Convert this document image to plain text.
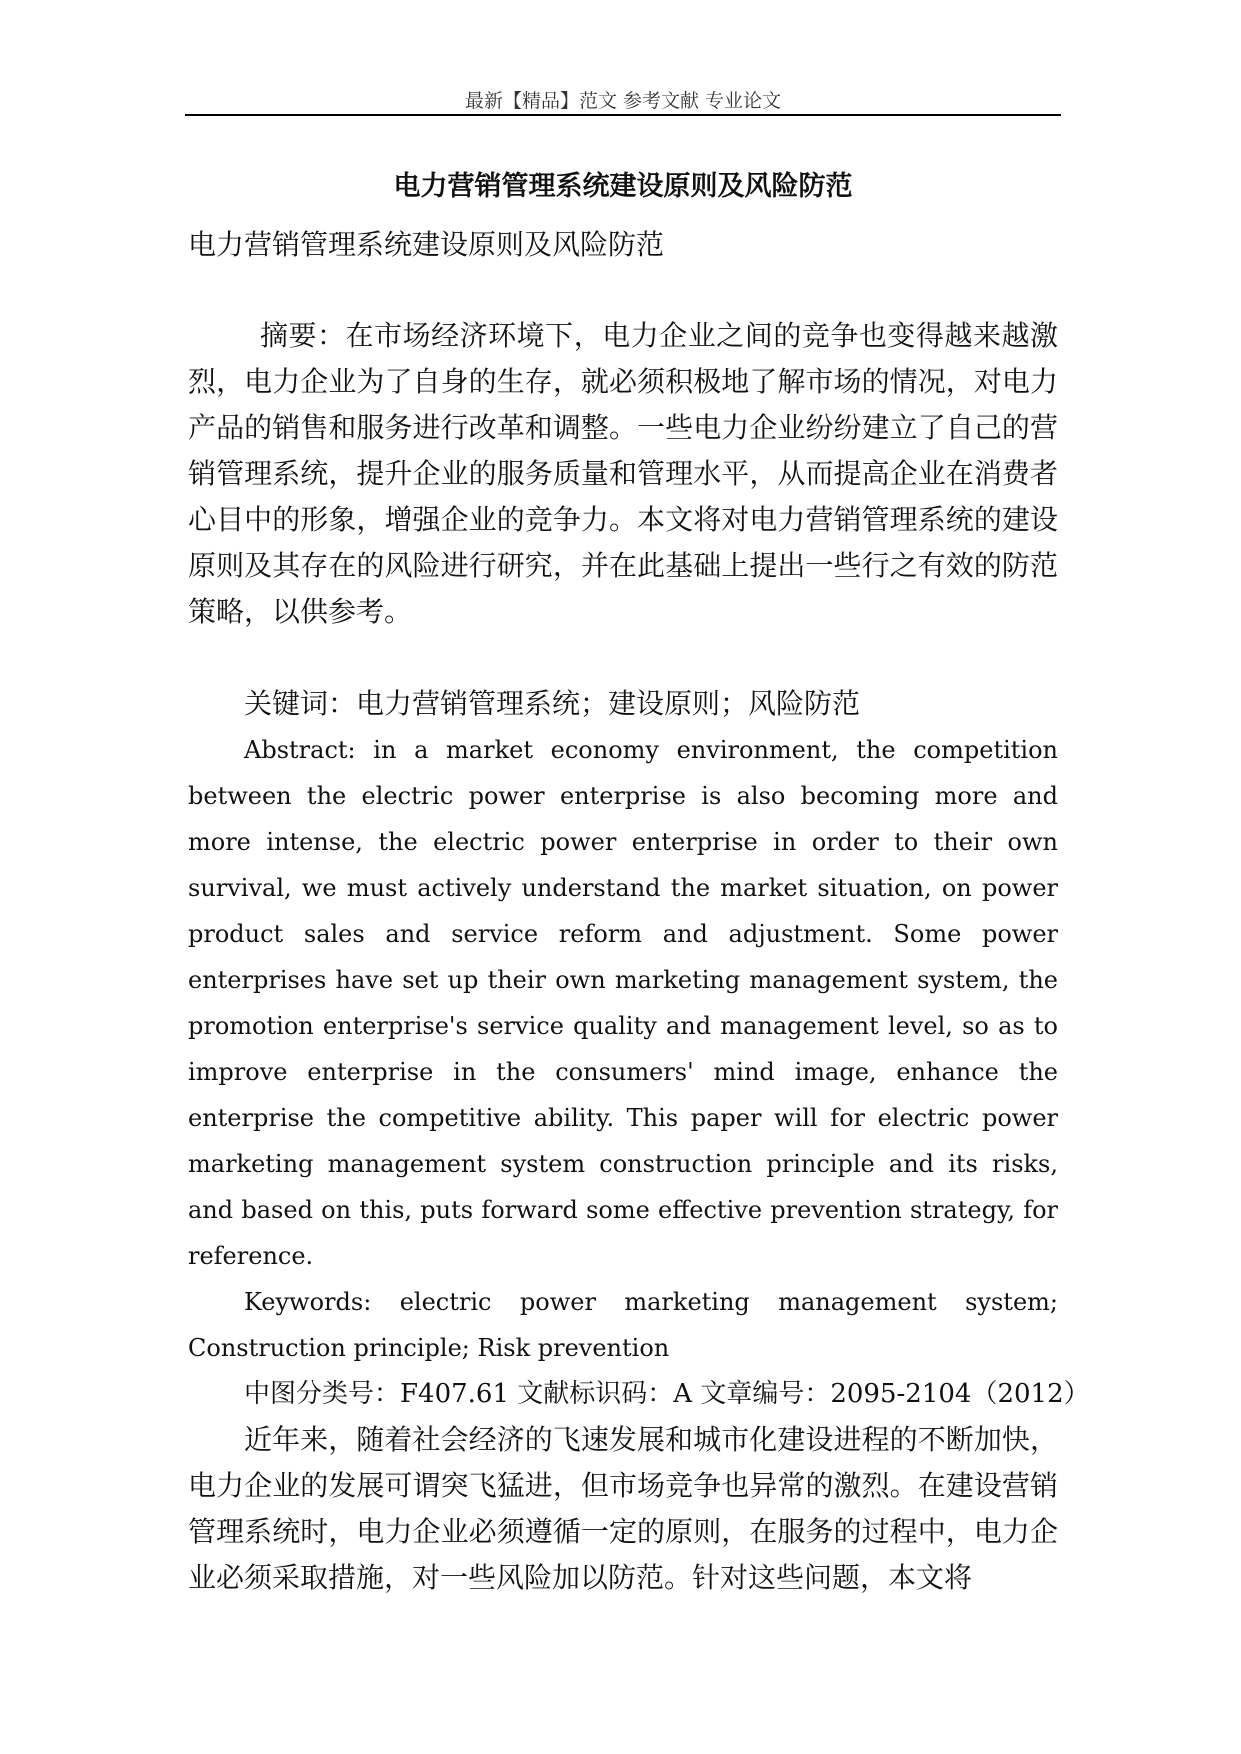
最新【精品】范文 参考文献 专业论文
电力营销管理系统建设原则及风险防范

电力营销管理系统建设原则及风险防范

摘要：在市场经济环境下，电力企业之间的竞争也变得越来越激烈，电力企业为了自身的生存，就必须积极地了解市场的情况，对电力产品的销售和服务进行改革和调整。一些电力企业纷纷建立了自己的营销管理系统，提升企业的服务质量和管理水平，从而提高企业在消费者心目中的形象，增强企业的竞争力。本文将对电力营销管理系统的建设原则及其存在的风险进行研究，并在此基础上提出一些行之有效的防范策略，以供参考。

关键词：电力营销管理系统；建设原则；风险防范

Abstract: in a market economy environment, the competition between the electric power enterprise is also becoming more and more intense, the electric power enterprise in order to their own survival, we must actively understand the market situation, on power product sales and service reform and adjustment. Some power enterprises have set up their own marketing management system, the promotion enterprise's service quality and management level, so as to improve enterprise in the consumers' mind image, enhance the enterprise the competitive ability. This paper will for electric power marketing management system construction principle and its risks, and based on this, puts forward some effective prevention strategy, for reference.

Keywords: electric power marketing management system; Construction principle; Risk prevention

中图分类号：F407.61 文献标识码：A 文章编号：2095-2104（2012）

近年来，随着社会经济的飞速发展和城市化建设进程的不断加快，电力企业的发展可谓突飞猛进，但市场竞争也异常的激烈。在建设营销管理系统时，电力企业必须遵循一定的原则，在服务的过程中，电力企业必须采取措施，对一些风险加以防范。针对这些问题，本文将
